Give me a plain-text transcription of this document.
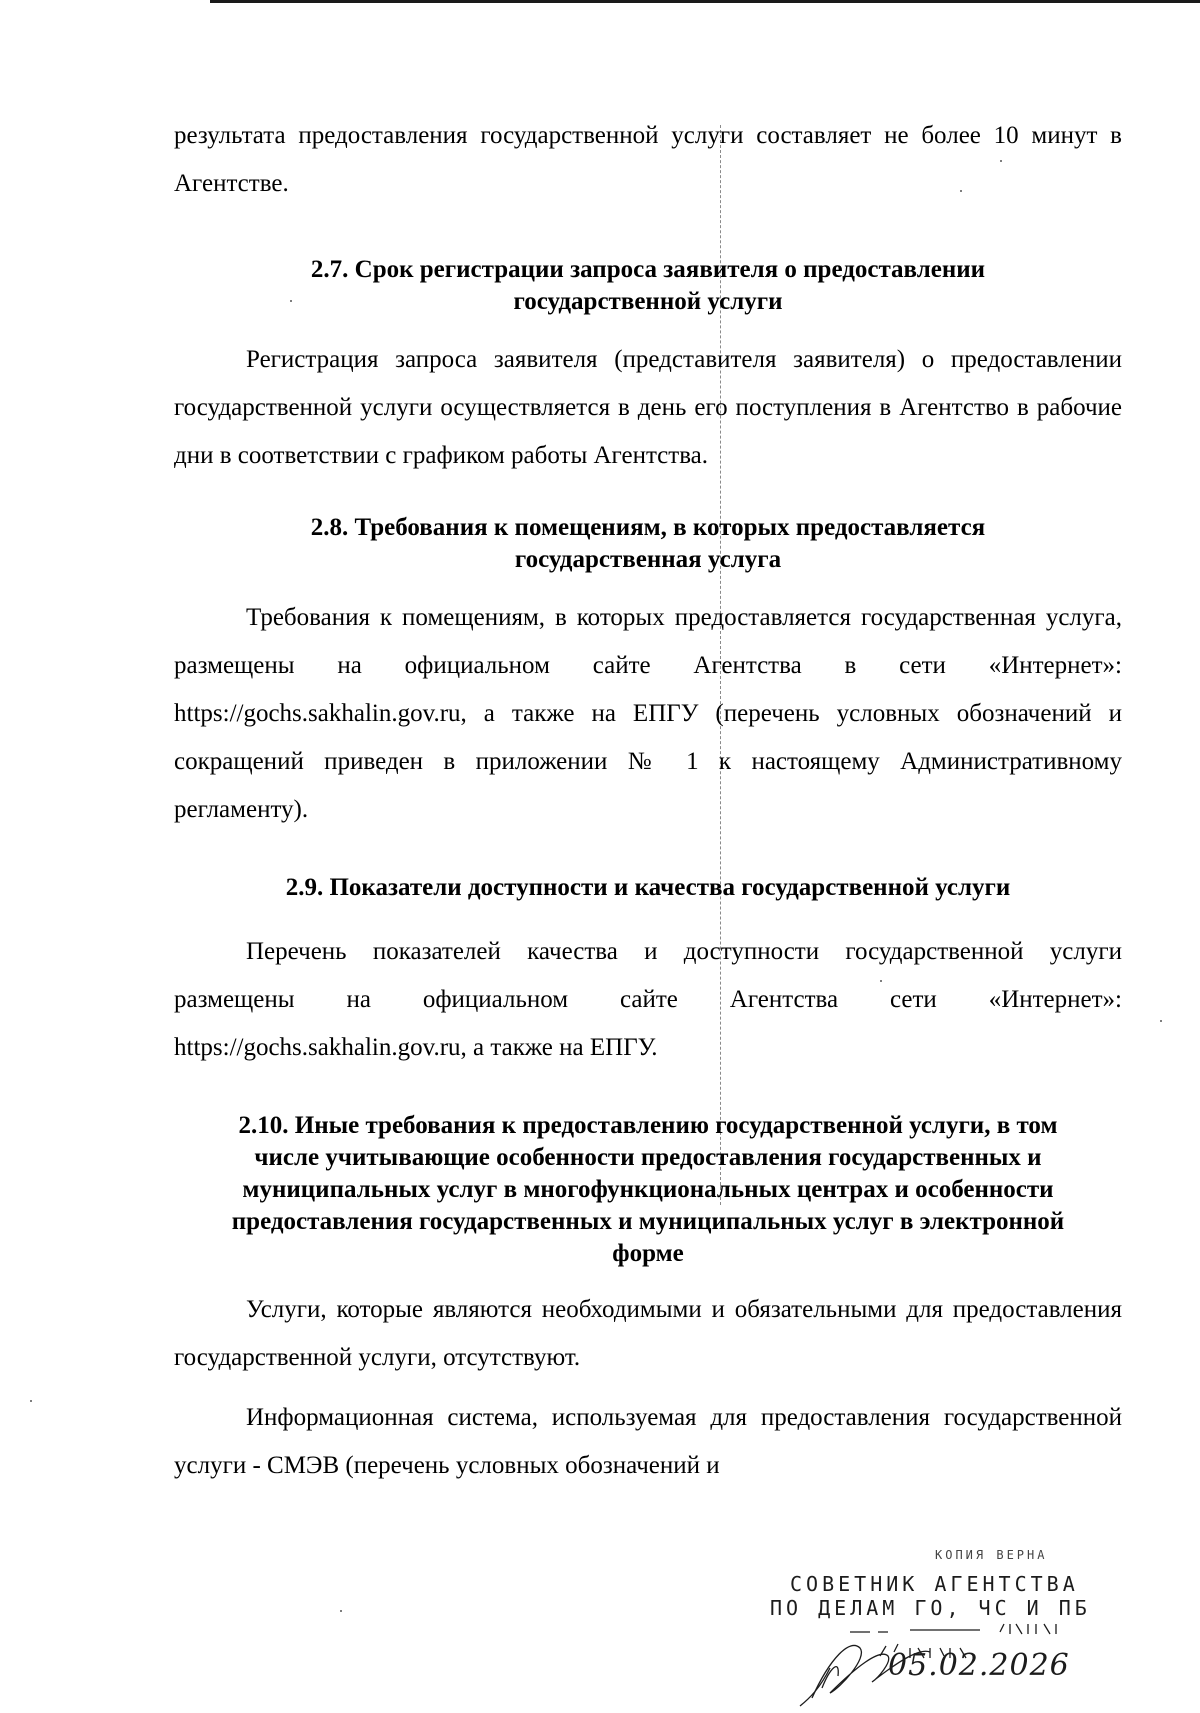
результата предоставления государственной услуги составляет не более 10 минут в Агентстве.

2.7. Срок регистрации запроса заявителя о предоставлении

государственной услуги

Регистрация запроса заявителя (представителя заявителя) о предоставлении государственной услуги осуществляется в день его поступления в Агентство в рабочие дни в соответствии с графиком работы Агентства.

2.8. Требования к помещениям, в которых предоставляется

государственная услуга

Требования к помещениям, в которых предоставляется государственная услуга, размещены на официальном сайте Агентства в сети «Интернет»: https://gochs.sakhalin.gov.ru, а также на ЕПГУ (перечень условных обозначений и сокращений приведен в приложении № 1 к настоящему Административному регламенту).

2.9. Показатели доступности и качества государственной услуги

Перечень показателей качества и доступности государственной услуги размещены на официальном сайте Агентства сети «Интернет»: https://gochs.sakhalin.gov.ru, а также на ЕПГУ.

2.10. Иные требования к предоставлению государственной услуги, в том

числе учитывающие особенности предоставления государственных и

муниципальных услуг в многофункциональных центрах и особенности

предоставления государственных и муниципальных услуг в электронной

форме

Услуги, которые являются необходимыми и обязательными для предоставления государственной услуги, отсутствуют.

Информационная система, используемая для предоставления государственной услуги - СМЭВ (перечень условных обозначений и

КОПИЯ ВЕРНА
СОВЕТНИК АГЕНТСТВА
ПО ДЕЛАМ ГО, ЧС И ПБ
05.02.2026
